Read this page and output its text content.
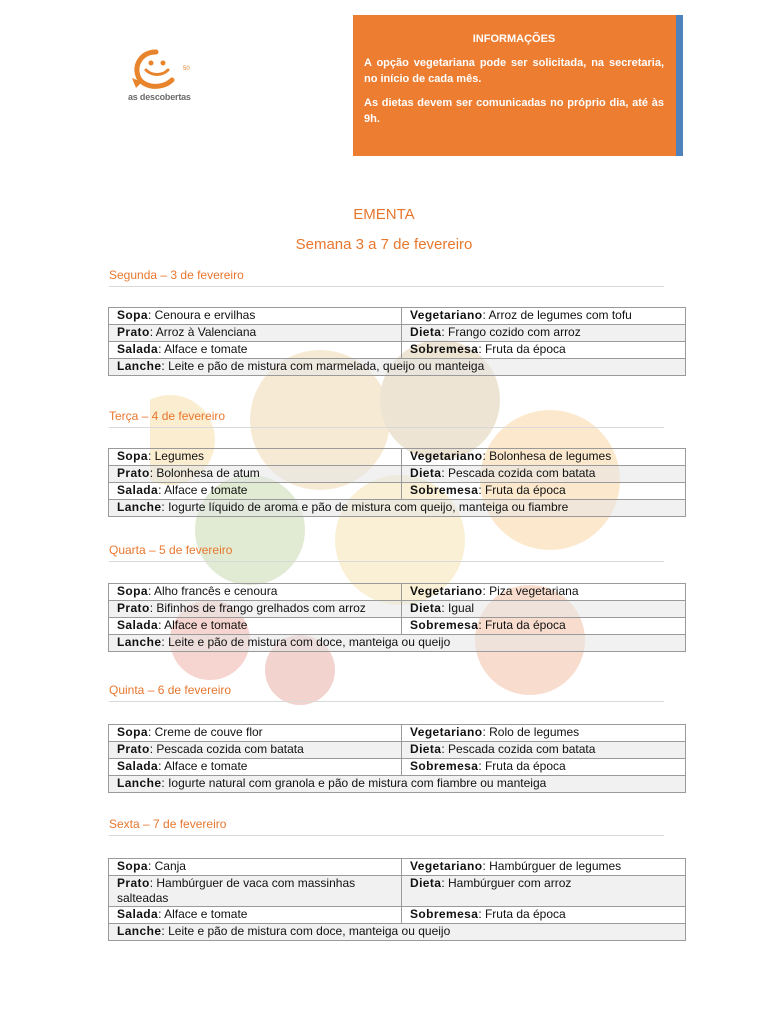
50
as descobertas
INFORMAÇÕES

A opção vegetariana pode ser solicitada, na secretaria, no início de cada mês.

As dietas devem ser comunicadas no próprio dia, até às 9h.

EMENTA
Semana 3 a 7 de fevereiro
Segunda – 3 de fevereiro
Sopa: Cenoura e ervilhas	Vegetariano: Arroz de legumes com tofu
Prato: Arroz à Valenciana	Dieta: Frango cozido com arroz
Salada: Alface e tomate	Sobremesa: Fruta da época
Lanche: Leite e pão de mistura com marmelada, queijo ou manteiga	
Terça – 4 de fevereiro
Sopa: Legumes	Vegetariano: Bolonhesa de legumes
Prato: Bolonhesa de atum	Dieta: Pescada cozida com batata
Salada: Alface e tomate	Sobremesa: Fruta da época
Lanche: Iogurte líquido de aroma e pão de mistura com queijo, manteiga ou fiambre	
Quarta – 5 de fevereiro
Sopa: Alho francês e cenoura	Vegetariano: Piza vegetariana
Prato: Bifinhos de frango grelhados com arroz	Dieta: Igual
Salada: Alface e tomate	Sobremesa: Fruta da época
Lanche: Leite e pão de mistura com doce, manteiga ou queijo	
Quinta – 6 de fevereiro
Sopa: Creme de couve flor	Vegetariano: Rolo de legumes
Prato: Pescada cozida com batata	Dieta: Pescada cozida com batata
Salada: Alface e tomate	Sobremesa: Fruta da época
Lanche: Iogurte natural com granola e pão de mistura com fiambre ou manteiga	
Sexta – 7 de fevereiro
Sopa: Canja	Vegetariano: Hambúrguer de legumes
Prato: Hambúrguer de vaca com massinhas salteadas	Dieta: Hambúrguer com arroz
Salada: Alface e tomate	Sobremesa: Fruta da época
Lanche: Leite e pão de mistura com doce, manteiga ou queijo	
